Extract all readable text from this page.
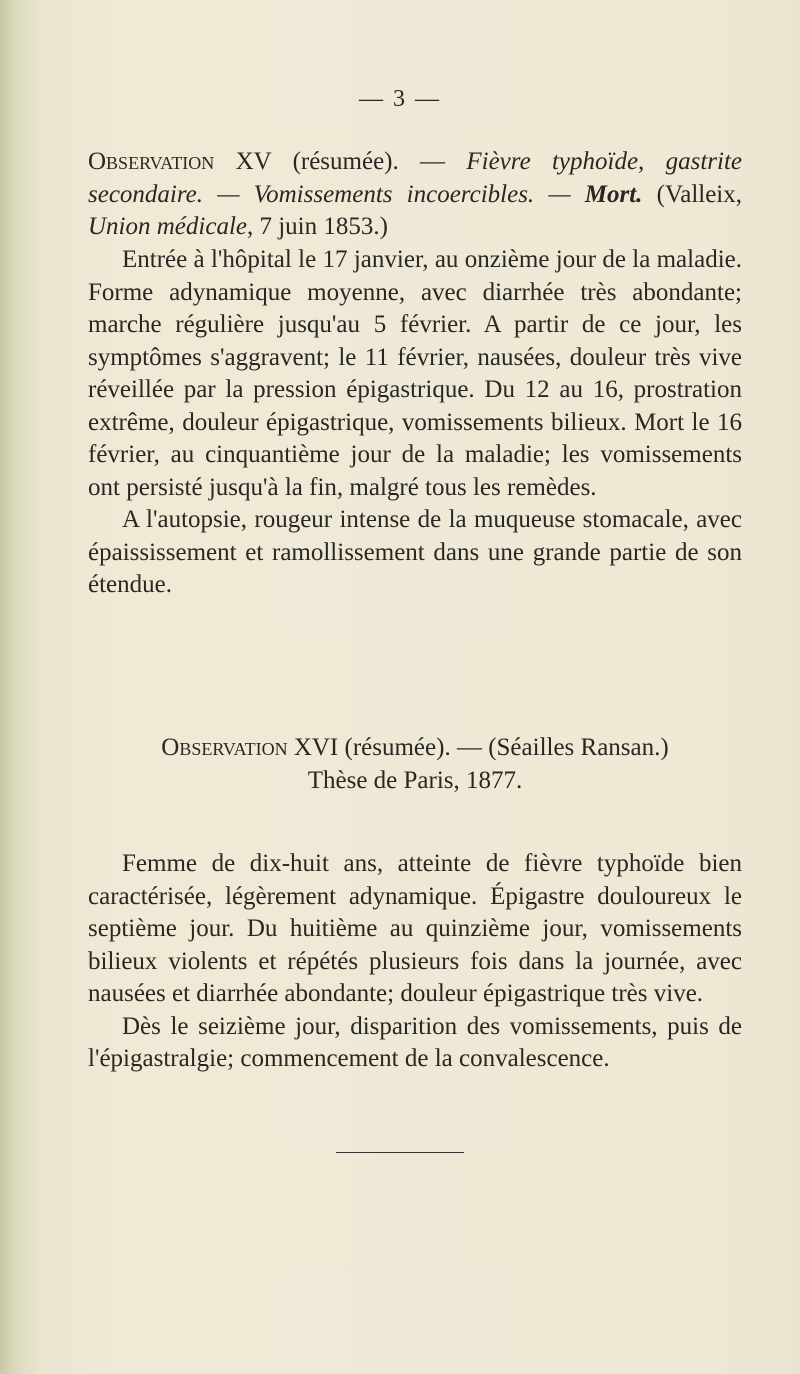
— 3 —

Observation XV (résumée). — Fièvre typhoïde, gastrite secondaire. — Vomissements incoercibles. — Mort. (Valleix, Union médicale, 7 juin 1853.)

Entrée à l'hôpital le 17 janvier, au onzième jour de la maladie. Forme adynamique moyenne, avec diarrhée très abondante; marche régulière jusqu'au 5 février. A partir de ce jour, les symptômes s'aggravent; le 11 février, nausées, douleur très vive réveillée par la pression épigastrique. Du 12 au 16, prostration extrême, douleur épigastrique, vomissements bilieux. Mort le 16 février, au cinquantième jour de la maladie; les vomissements ont persisté jusqu'à la fin, malgré tous les remèdes.

A l'autopsie, rougeur intense de la muqueuse stomacale, avec épaississement et ramollissement dans une grande partie de son étendue.

Observation XVI (résumée). — (Séailles Ransan.)

Thèse de Paris, 1877.

Femme de dix-huit ans, atteinte de fièvre typhoïde bien caractérisée, légèrement adynamique. Épigastre douloureux le septième jour. Du huitième au quinzième jour, vomissements bilieux violents et répétés plusieurs fois dans la journée, avec nausées et diarrhée abondante; douleur épigastrique très vive.

Dès le seizième jour, disparition des vomissements, puis de l'épigastralgie; commencement de la convalescence.
